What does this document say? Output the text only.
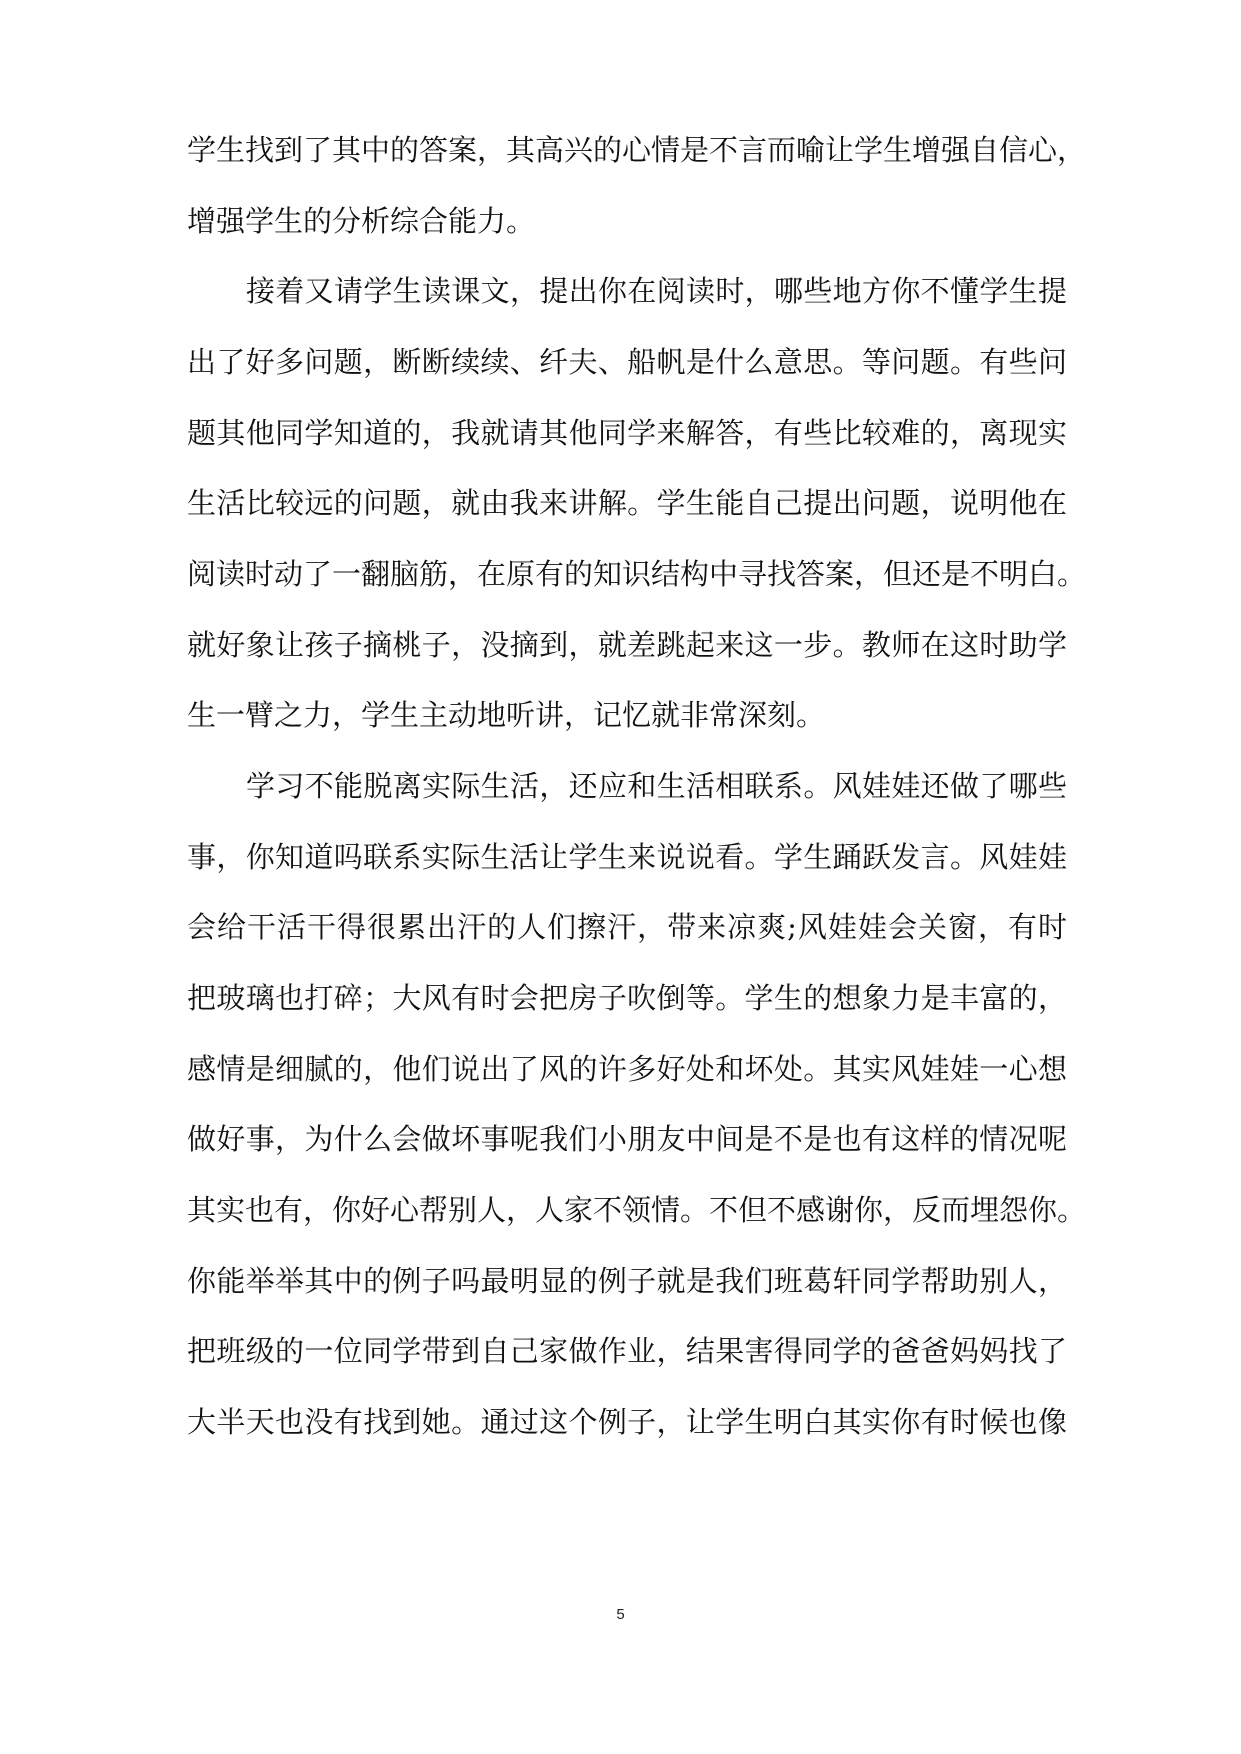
学生找到了其中的答案，其高兴的心情是不言而喻让学生增强自信心，
增强学生的分析综合能力。
接着又请学生读课文，提出你在阅读时，哪些地方你不懂学生提
出了好多问题，断断续续、纤夫、船帆是什么意思。等问题。有些问
题其他同学知道的，我就请其他同学来解答，有些比较难的，离现实
生活比较远的问题，就由我来讲解。学生能自己提出问题，说明他在
阅读时动了一翻脑筋，在原有的知识结构中寻找答案，但还是不明白。
就好象让孩子摘桃子，没摘到，就差跳起来这一步。教师在这时助学
生一臂之力，学生主动地听讲，记忆就非常深刻。
学习不能脱离实际生活，还应和生活相联系。风娃娃还做了哪些
事，你知道吗联系实际生活让学生来说说看。学生踊跃发言。风娃娃
会给干活干得很累出汗的人们擦汗，带来凉爽;风娃娃会关窗，有时
把玻璃也打碎；大风有时会把房子吹倒等。学生的想象力是丰富的，
感情是细腻的，他们说出了风的许多好处和坏处。其实风娃娃一心想
做好事，为什么会做坏事呢我们小朋友中间是不是也有这样的情况呢
其实也有，你好心帮别人，人家不领情。不但不感谢你，反而埋怨你。
你能举举其中的例子吗最明显的例子就是我们班葛轩同学帮助别人，
把班级的一位同学带到自己家做作业，结果害得同学的爸爸妈妈找了
大半天也没有找到她。通过这个例子，让学生明白其实你有时候也像
5
